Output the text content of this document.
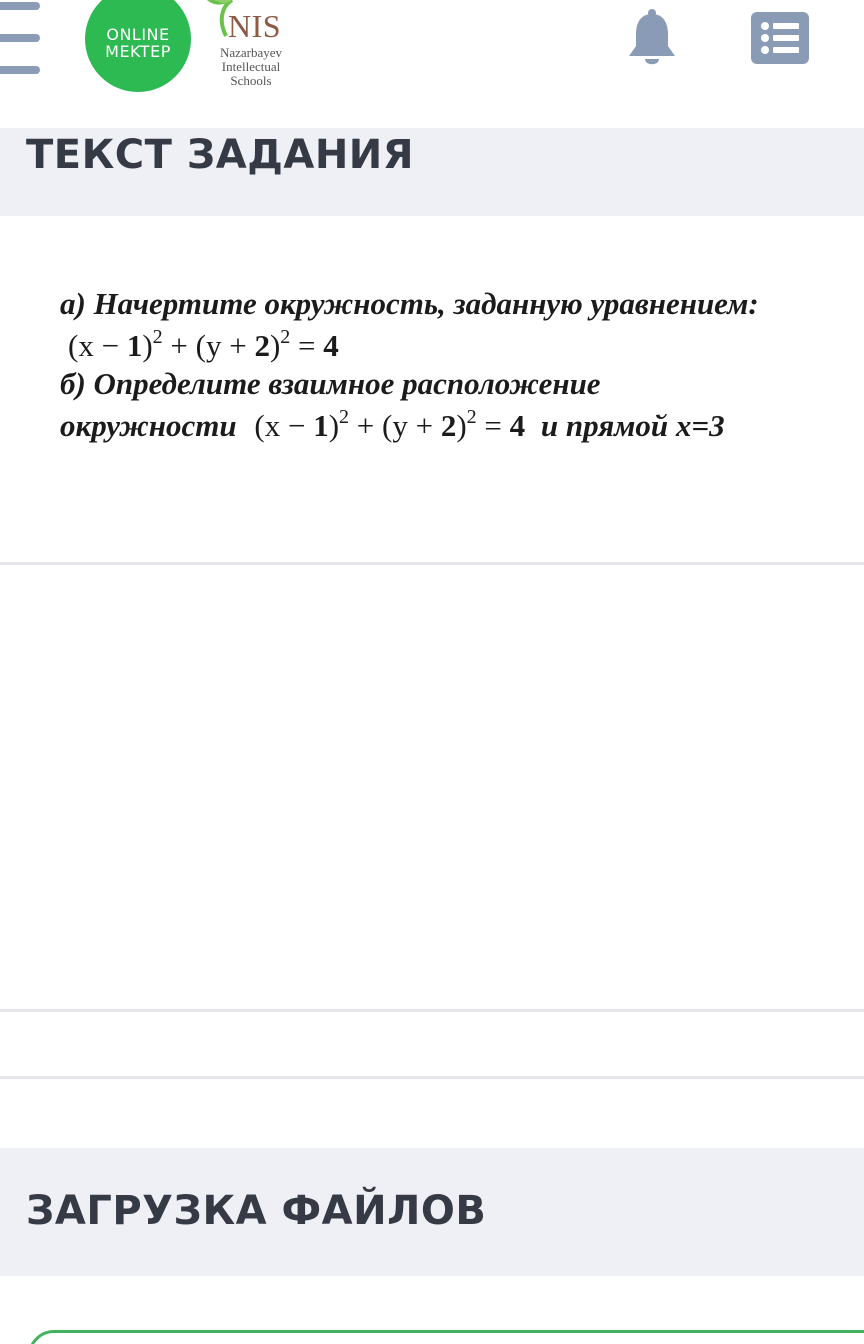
ONLINE
MEKTEP
NIS
Nazarbayev
Intellectual
Schools
ТЕКСТ ЗАДАНИЯ
а) Начертите окружность, заданную уравнением:
$(x - 1)^2 + (y + 2)^2 = 4$
б) Определите взаимное расположение
окружности $(x - 1)^2 + (y + 2)^2 = 4$ и прямой x=3
ЗАГРУЗКА ФАЙЛОВ
